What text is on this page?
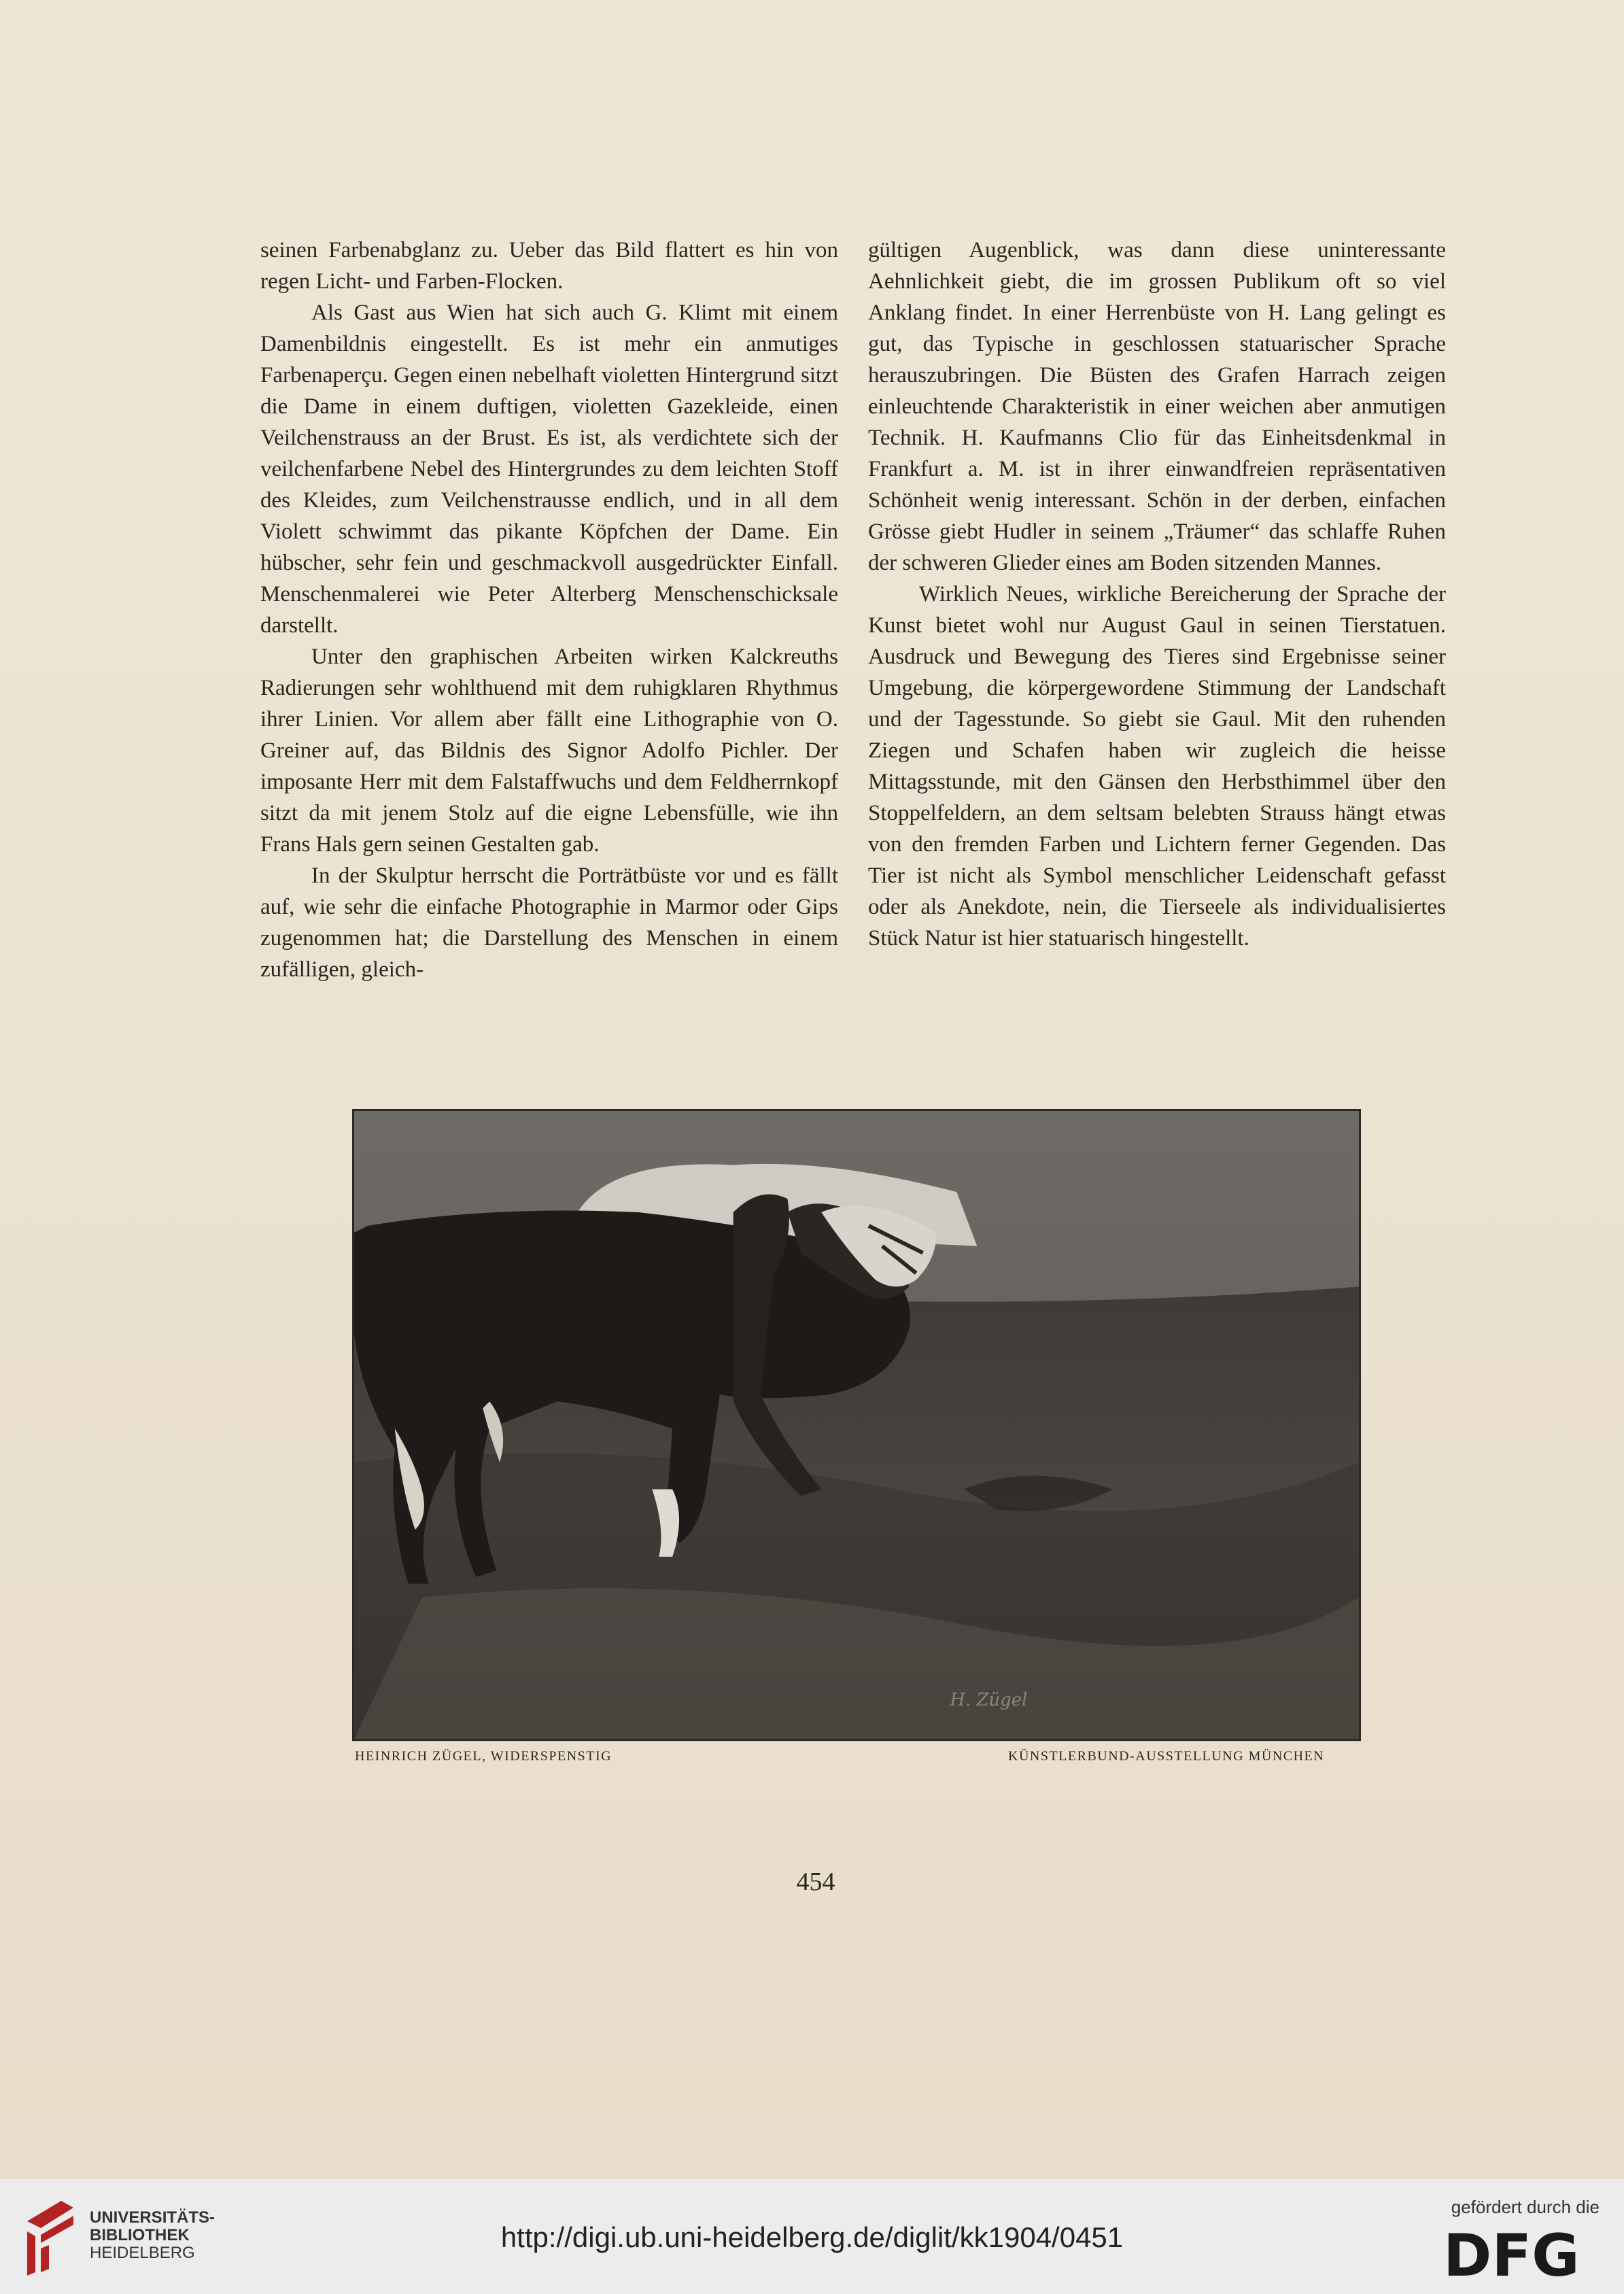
seinen Farbenabglanz zu. Ueber das Bild flattert es hin von regen Licht- und Farben-Flocken.

Als Gast aus Wien hat sich auch G. Klimt mit einem Damenbildnis eingestellt. Es ist mehr ein anmutiges Farbenaperçu. Gegen einen nebelhaft violetten Hintergrund sitzt die Dame in einem duftigen, violetten Gazekleide, einen Veilchenstrauss an der Brust. Es ist, als verdichtete sich der veilchenfarbene Nebel des Hintergrundes zu dem leichten Stoff des Kleides, zum Veilchenstrausse endlich, und in all dem Violett schwimmt das pikante Köpfchen der Dame. Ein hübscher, sehr fein und geschmackvoll ausgedrückter Einfall. Menschenmalerei wie Peter Alterberg Menschenschicksale darstellt.

Unter den graphischen Arbeiten wirken Kalckreuths Radierungen sehr wohlthuend mit dem ruhigklaren Rhythmus ihrer Linien. Vor allem aber fällt eine Lithographie von O. Greiner auf, das Bildnis des Signor Adolfo Pichler. Der imposante Herr mit dem Falstaffwuchs und dem Feldherrnkopf sitzt da mit jenem Stolz auf die eigne Lebensfülle, wie ihn Frans Hals gern seinen Gestalten gab.

In der Skulptur herrscht die Porträtbüste vor und es fällt auf, wie sehr die einfache Photographie in Marmor oder Gips zugenommen hat; die Darstellung des Menschen in einem zufälligen, gleich-

gültigen Augenblick, was dann diese uninteressante Aehnlichkeit giebt, die im grossen Publikum oft so viel Anklang findet. In einer Herrenbüste von H. Lang gelingt es gut, das Typische in geschlossen statuarischer Sprache herauszubringen. Die Büsten des Grafen Harrach zeigen einleuchtende Charakteristik in einer weichen aber anmutigen Technik. H. Kaufmanns Clio für das Einheitsdenkmal in Frankfurt a. M. ist in ihrer einwandfreien repräsentativen Schönheit wenig interessant. Schön in der derben, einfachen Grösse giebt Hudler in seinem „Träumer“ das schlaffe Ruhen der schweren Glieder eines am Boden sitzenden Mannes.

Wirklich Neues, wirkliche Bereicherung der Sprache der Kunst bietet wohl nur August Gaul in seinen Tierstatuen. Ausdruck und Bewegung des Tieres sind Ergebnisse seiner Umgebung, die körpergewordene Stimmung der Landschaft und der Tagesstunde. So giebt sie Gaul. Mit den ruhenden Ziegen und Schafen haben wir zugleich die heisse Mittagsstunde, mit den Gänsen den Herbsthimmel über den Stoppelfeldern, an dem seltsam belebten Strauss hängt etwas von den fremden Farben und Lichtern ferner Gegenden. Das Tier ist nicht als Symbol menschlicher Leidenschaft gefasst oder als Anekdote, nein, die Tierseele als individualisiertes Stück Natur ist hier statuarisch hingestellt.

H. Zügel
HEINRICH ZÜGEL, WIDERSPENSTIG	KÜNSTLERBUND-AUSSTELLUNG MÜNCHEN
454
UNIVERSITÄTS-
BIBLIOTHEK
HEIDELBERG	http://digi.ub.uni-heidelberg.de/diglit/kk1904/0451
gefördert durch die
DFG
